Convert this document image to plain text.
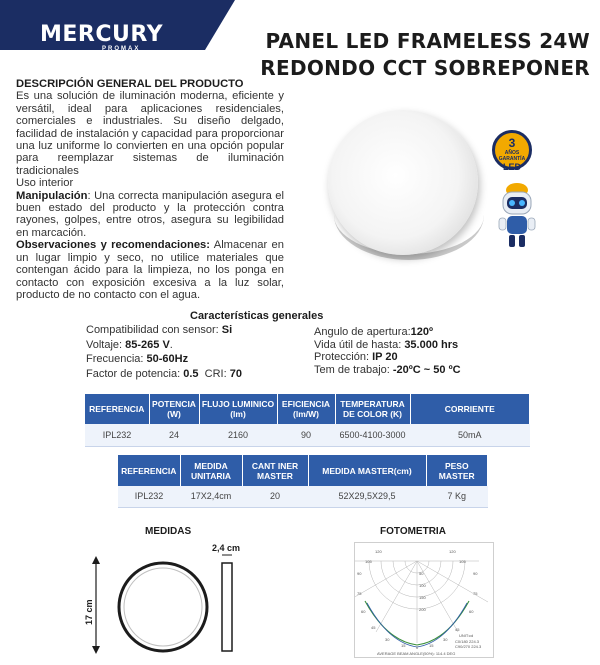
MERCURY
PROMAX	PANEL LED FRAMELESS 24W
REDONDO CCT SOBREPONER

DESCRIPCIÓN GENERAL DEL PRODUCTO

Es una solución de iluminación moderna, eficiente y versátil, ideal para aplicaciones residenciales, comerciales e industriales. Su diseño delgado, facilidad de instalación y capacidad para proporcionar una luz uniforme lo convierten en una opción popular para reemplazar sistemas de iluminación tradicionales

Uso interior

Manipulación: Una correcta manipulación asegura el buen estado del producto y la protección contra rayones, golpes, entre otros, asegura su legibilidad en marcación.

Observaciones y recomendaciones: Almacenar en un lugar limpio y seco, no utilice materiales que contengan ácido para la limpieza, no los ponga en contacto con exposición excesiva a la luz solar, producto de no contacto con el agua.

3
AÑOS GARANTÍA
LED
Características generales
Compatibilidad con sensor: Si
Voltaje: 85-265 V.
Frecuencia: 50-60Hz
Factor de potencia: 0.5  CRI: 70
Angulo de apertura:120º
Vida útil de hasta: 35.000 hrs
Protección: IP 20
Tem de trabajo: -20ºC ~ 50 ºC
REFERENCIA	POTENCIA (W)	FLUJO LUMINICO (lm)	EFICIENCIA (lm/W)	TEMPERATURA DE COLOR (K)	CORRIENTE
IPL232	24	2160	90	6500-4100-3000	50mA
REFERENCIA	MEDIDA UNITARIA	CANT INER MASTER	MEDIDA MASTER(cm)	PESO MASTER
IPL232	17X2,4cm	20	52X29,5X29,5	7 Kg
MEDIDAS
17 cm
2,4 cm
FOTOMETRIA
120	120
105	105
90	90
75	75
60	60
45
30
15	0	15
30
45
50
100
150
200
UNIT:cd
C0/180 224.3
C90/270 224.3
AVERAGE BEAM ANGLE(50%): 114.4 DEG
